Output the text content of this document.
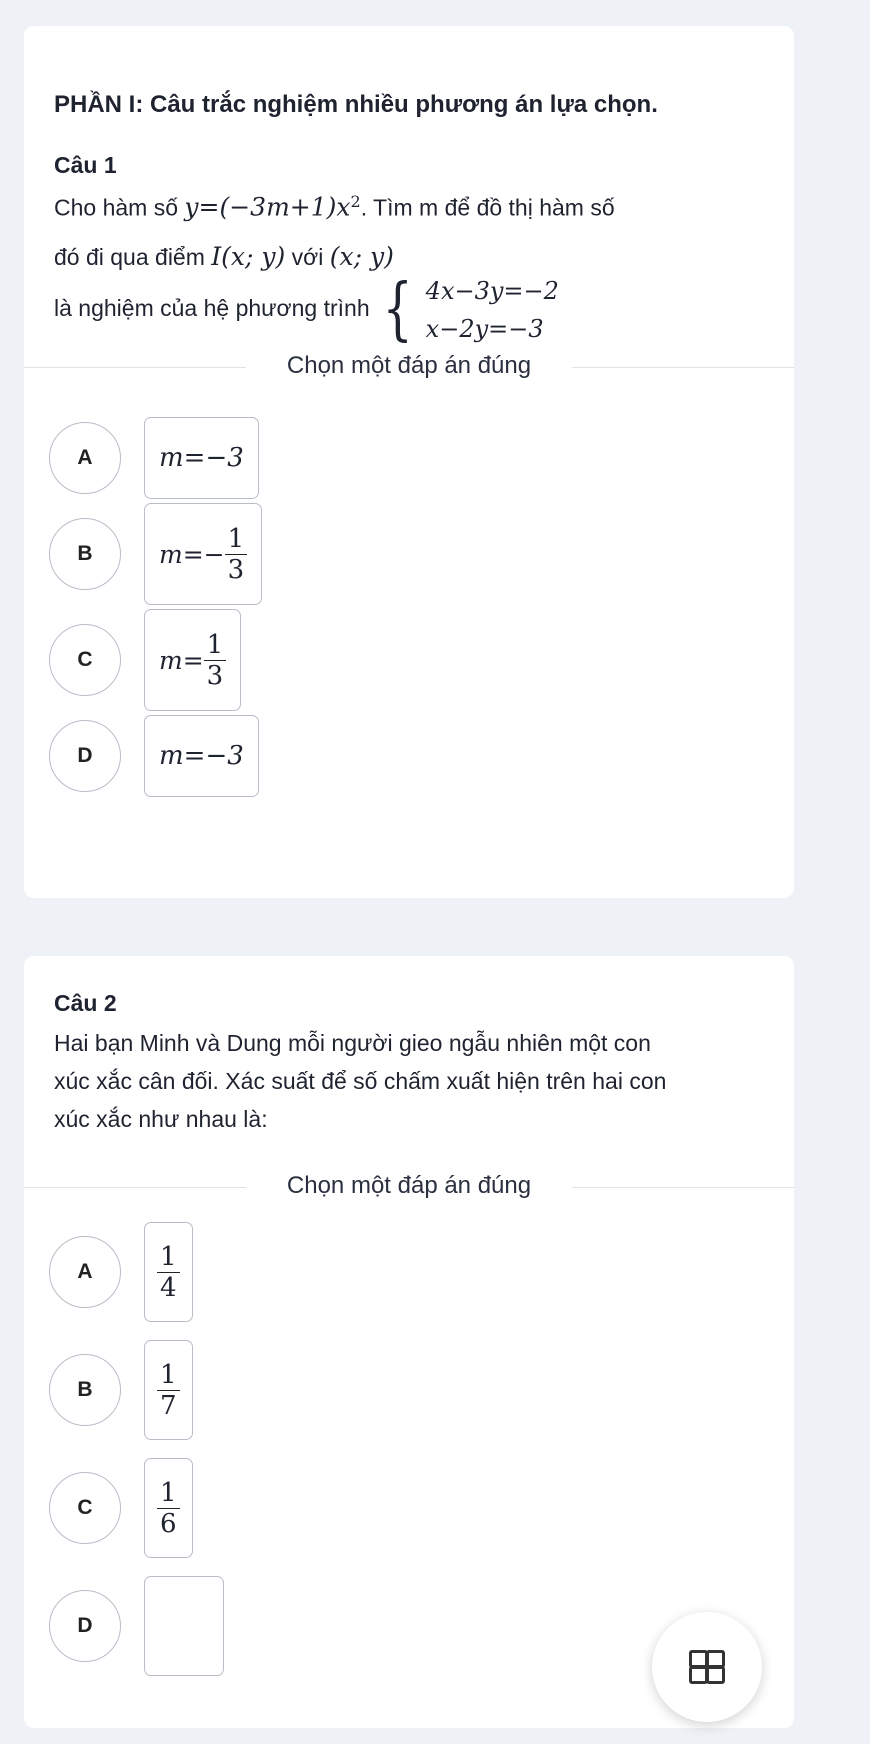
PHẦN I: Câu trắc nghiệm nhiều phương án lựa chọn.
Câu 1
Cho hàm số $y=(-3m+1)x^2$. Tìm m để đồ thị hàm số
đó đi qua điểm I(x; y) với (x; y)
là nghiệm của hệ phương trình { 4x−3y=−2
x−2y=−3
Chọn một đáp án đúng
A	m=−3
B	$m=- \frac{1}{3}$
C	$m= \frac{1}{3}$
D	m=−3
Câu 2
Hai bạn Minh và Dung mỗi người gieo ngẫu nhiên một con
xúc xắc cân đối. Xác suất để số chấm xuất hiện trên hai con
xúc xắc như nhau là:
Chọn một đáp án đúng
A	$\frac{1}{4}$
B	$\frac{1}{7}$
C	$\frac{1}{6}$
D
